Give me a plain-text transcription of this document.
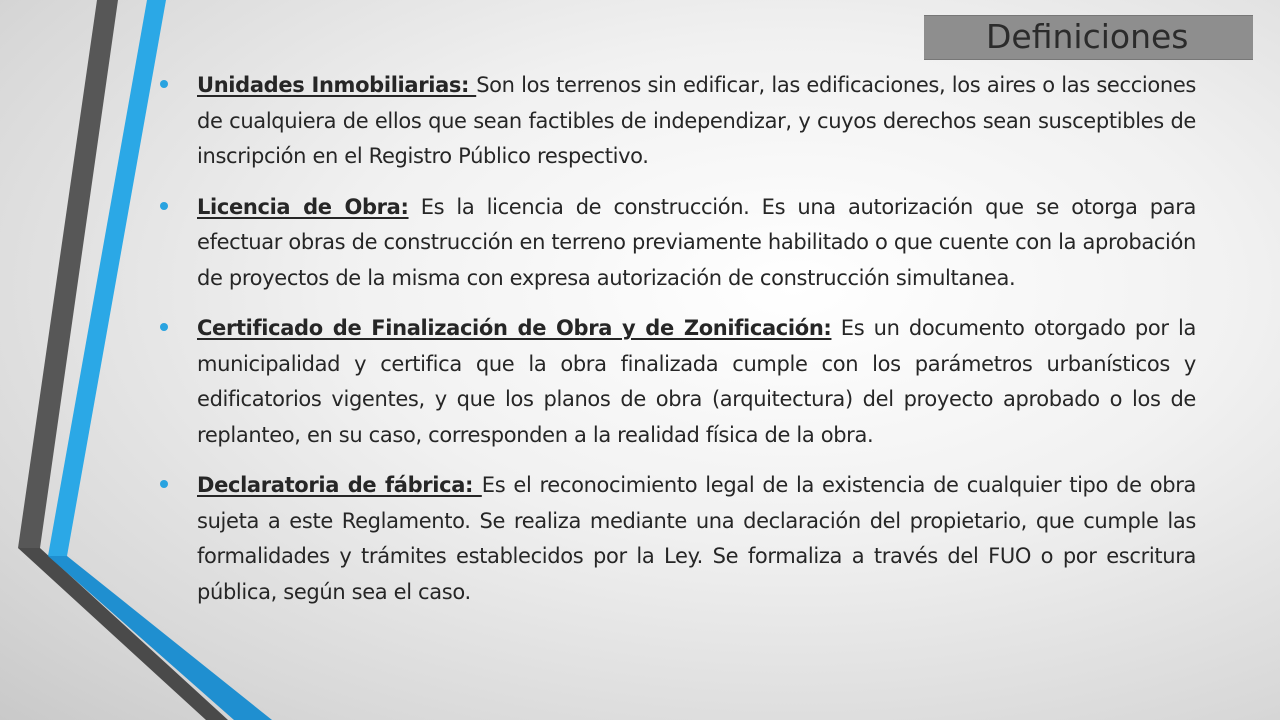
Definiciones
Unidades Inmobiliarias: Son los terrenos sin edificar, las edificaciones, los aires o las secciones de cualquiera de ellos que sean factibles de independizar, y cuyos derechos sean susceptibles de inscripción en el Registro Público respectivo.
Licencia de Obra: Es la licencia de construcción. Es una autorización que se otorga para efectuar obras de construcción en terreno previamente habilitado o que cuente con la aprobación de proyectos de la misma con expresa autorización de construcción simultanea.
Certificado de Finalización de Obra y de Zonificación: Es un documento otorgado por la municipalidad y certifica que la obra finalizada cumple con los parámetros urbanísticos y edificatorios vigentes, y que los planos de obra (arquitectura) del proyecto aprobado o los de replanteo, en su caso, corresponden a la realidad física de la obra.
Declaratoria de fábrica: Es el reconocimiento legal de la existencia de cualquier tipo de obra sujeta a este Reglamento. Se realiza mediante una declaración del propietario, que cumple las formalidades y trámites establecidos por la Ley. Se formaliza a través del FUO o por escritura pública, según sea el caso.
